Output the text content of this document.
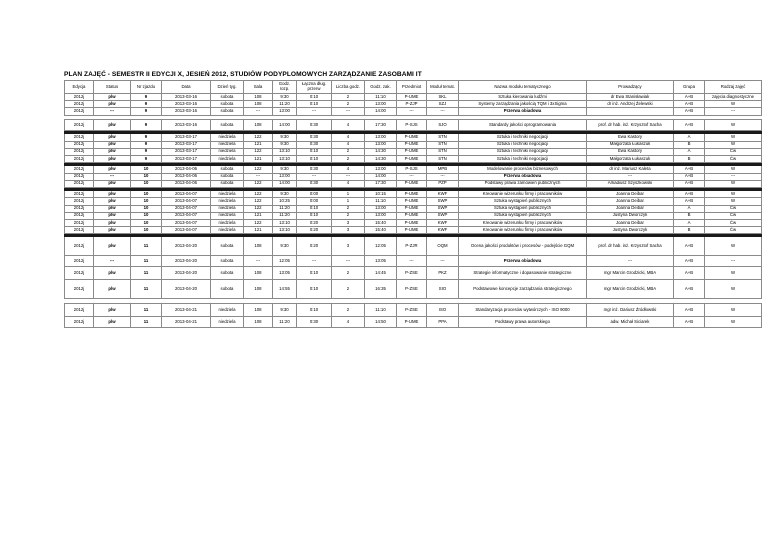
PLAN ZAJĘĆ - SEMESTR II EDYCJI X, JESIEŃ 2012, STUDIÓW PODYPLOMOWYCH ZARZĄDZANIE ZASOBAMI IT
Edycja	Status	Nr zjazdu	Data	Dzień tyg.	Sala	Godz. rozp.	Łączna dług. przerw	Liczba godz.	Godz. zak.	Przedmiot	Moduł temat.	Nazwa modułu tematycznego	Prowadzący	Grupa	Rodzaj zajęć
2012j	plw	9	2013-03-16	sobota	108	9:30	0:10	2	11:10	P-UME	SKL	Sztuka kierowania ludźmi	dr Ewa Stanisławiak	A+B	zajęcia diagnostyczne
2012j	plw	9	2013-03-16	sobota	108	11:20	0:10	2	13:00	P-ZJP	SZJ	Systemy zarządzania jakością TQM i 3xSigma	dr inż. Andrzej Żelewski	A+B	W
2012j	---	9	2013-03-16	sobota	---	13:00	---	---	14:00	---	---	Przerwa obiadowa		A+B	---

2012j	plw	9	2013-03-16	sobota	108	14:00	0:30	4	17:30	P-SJS	SJO	Standardy jakości oprogramowania	prof. dr hab. inż. Krzysztof Sacha	A+B	W

2012j	plw	9	2013-03-17	niedziela	122	9:30	0:30	4	13:00	P-UME	STN	Sztuka i techniki negocjacji	Ewa Kastory	A	W
2012j	plw	9	2013-03-17	niedziela	121	9:30	0:30	4	13:00	P-UME	STN	Sztuka i techniki negocjacji	Małgorzata Łukaszuk	B	W
2012j	plw	9	2013-03-17	niedziela	122	13:10	0:10	2	14:30	P-UME	STN	Sztuka i techniki negocjacji	Ewa Kastory	A	Ćw
2012j	plw	9	2013-03-17	niedziela	121	13:10	0:10	2	14:30	P-UME	STN	Sztuka i techniki negocjacji	Małgorzata Łukaszuk	B	Ćw

2012j	plw	10	2013-04-06	sobota	122	9:30	0:30	4	13:00	P-SJS	MPB	Modelowanie procesów biznesowych	dr inż. Mariusz Kaleta	A+B	W
2012j	---	10	2013-04-06	sobota	---	13:00	---	---	14:00	---	---	Przerwa obiadowa	---	A+B	---
2012j	plw	10	2013-04-06	sobota	122	14:00	0:30	4	17:30	P-UME	PZP	Podstawy prawa zamówień publicznych	Arkadiusz Szyszkowski	A+B	W

2012j	plw	10	2013-04-07	niedziela	122	9:30	0:00	1	10:15	P-UME	KWF	Kreowanie wizerunku firmy i pracowników	Joanna Deibar	A+B	W
2012j	plw	10	2013-04-07	niedziela	122	10:25	0:00	1	11:10	P-UME	SWP	Sztuka wystąpień publicznych	Joanna Deibar	A+B	W
2012j	plw	10	2013-04-07	niedziela	122	11:20	0:10	2	13:00	P-UME	SWP	Sztuka wystąpień publicznych	Joanna Deibar	A	Ćw
2012j	plw	10	2013-04-07	niedziela	121	11:20	0:10	2	13:00	P-UME	SWP	Sztuka wystąpień publicznych	Justyna Dworczyk	B	Ćw
2012j	plw	10	2013-04-07	niedziela	122	13:10	0:20	3	15:40	P-UME	KWF	Kreowanie wizerunku firmy i pracowników	Joanna Deibar	A	Ćw
2012j	plw	10	2013-04-07	niedziela	121	13:10	0:20	3	15:40	P-UME	KWF	Kreowanie wizerunku firmy i pracowników	Justyna Dworczyk	B	Ćw

2012j	plw	11	2013-04-20	sobota	108	9:30	0:20	3	12:05	P-ZJR	OQM	Ocena jakości produktów i procesów - podejście GQM	prof. dr hab. inż. Krzysztof Sacha	A+B	W
2012j	---	11	2013-04-20	sobota	---	12:05	---	---	13:05	---	---	Przerwa obiadowa	---	A+B	---
2012j	plw	11	2013-04-20	sobota	108	13:05	0:10	2	14:45	P-ZSE	PKZ	Strategie informatyczne i dopasowanie strategiczne	mgr Marcin Grodzicki, MBA	A+B	W
2012j	plw	11	2013-04-20	sobota	108	14:55	0:10	2	16:35	P-ZSE	SIO	Podstawowe koncepcje zarządzania strategicznego	mgr Marcin Grodzicki, MBA	A+B	W

2012j	plw	11	2013-04-21	niedziela	108	9:30	0:10	2	11:10	P-ZSE	ISO	Standaryzacja procesów wytwórczych - ISO 9000	mgr inż. Dariusz Źródłowski	A+B	W
2012j	plw	11	2013-04-21	niedziela	108	11:20	0:30	4	14:50	P-UME	PPA	Podstawy prawa autorskiego	adw. Michał Siciarek	A+B	W
